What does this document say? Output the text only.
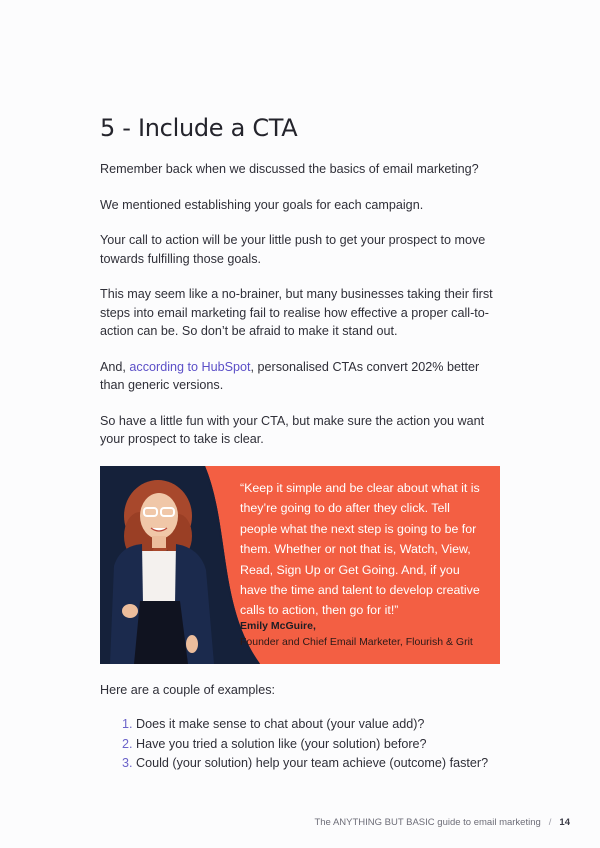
5 - Include a CTA

Remember back when we discussed the basics of email marketing?

We mentioned establishing your goals for each campaign.

Your call to action will be your little push to get your prospect to move towards fulfilling those goals.

This may seem like a no-brainer, but many businesses taking their first steps into email marketing fail to realise how effective a proper call-to-action can be. So don’t be afraid to make it stand out.

And, according to HubSpot, personalised CTAs convert 202% better than generic versions.

So have a little fun with your CTA, but make sure the action you want your prospect to take is clear.

“Keep it simple and be clear about what it is they’re going to do after they click. Tell people what the next step is going to be for them. Whether or not that is, Watch, View, Read, Sign Up or Get Going. And, if you have the time and talent to develop creative calls to action, then go for it!”
Emily McGuire,
Founder and Chief Email Marketer, Flourish & Grit
Here are a couple of examples:
1. Does it make sense to chat about (your value add)?
2. Have you tried a solution like (your solution) before?
3. Could (your solution) help your team achieve (outcome) faster?
The ANYTHING BUT BASIC guide to email marketing / 14
